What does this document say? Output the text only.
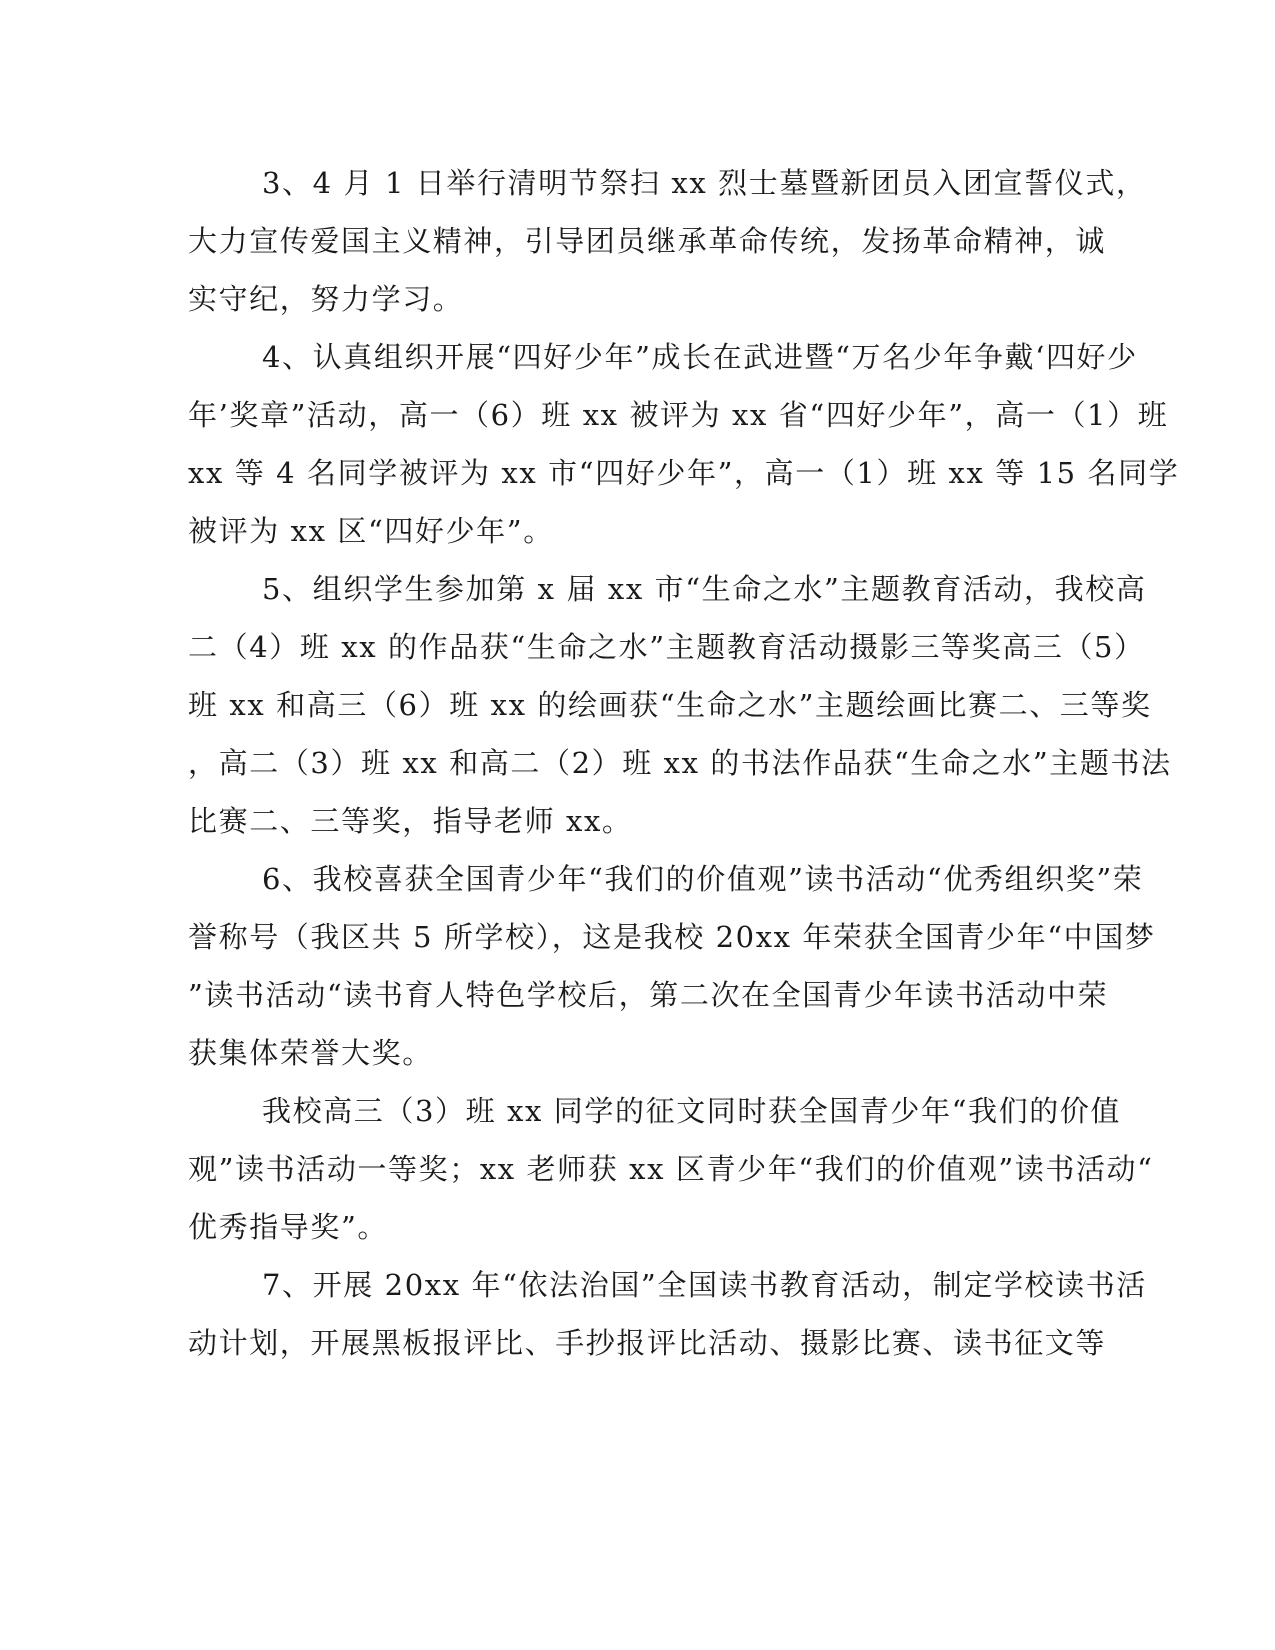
3、4 月 1 日举行清明节祭扫 xx 烈士墓暨新团员入团宣誓仪式，
大力宣传爱国主义精神，引导团员继承革命传统，发扬革命精神，诚
实守纪，努力学习。
4、认真组织开展“四好少年”成长在武进暨“万名少年争戴‘四好少
年’奖章”活动，高一（6）班 xx 被评为 xx 省“四好少年”，高一（1）班
xx 等 4 名同学被评为 xx 市“四好少年”，高一（1）班 xx 等 15 名同学
被评为 xx 区“四好少年”。
5、组织学生参加第 x 届 xx 市“生命之水”主题教育活动，我校高
二（4）班 xx 的作品获“生命之水”主题教育活动摄影三等奖高三（5）
班 xx 和高三（6）班 xx 的绘画获“生命之水”主题绘画比赛二、三等奖
，高二（3）班 xx 和高二（2）班 xx 的书法作品获“生命之水”主题书法
比赛二、三等奖，指导老师 xx。
6、我校喜获全国青少年“我们的价值观”读书活动“优秀组织奖”荣
誉称号（我区共 5 所学校），这是我校 20xx 年荣获全国青少年“中国梦
”读书活动“读书育人特色学校后，第二次在全国青少年读书活动中荣
获集体荣誉大奖。
我校高三（3）班 xx 同学的征文同时获全国青少年“我们的价值
观”读书活动一等奖；xx 老师获 xx 区青少年“我们的价值观”读书活动“
优秀指导奖”。
7、开展 20xx 年“依法治国”全国读书教育活动，制定学校读书活
动计划，开展黑板报评比、手抄报评比活动、摄影比赛、读书征文等
